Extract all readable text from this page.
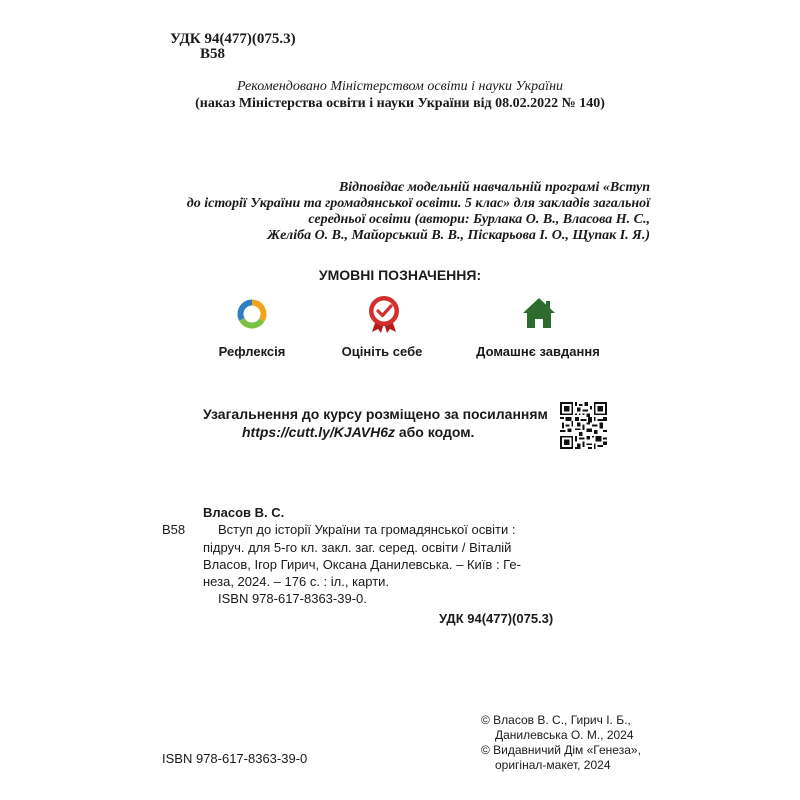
УДК 94(477)(075.3)
В58
Рекомендовано Міністерством освіти і науки України
(наказ Міністерства освіти і науки України від 08.02.2022 № 140)
Відповідає модельній навчальній програмі «Вступ
до історії України та громадянської освіти. 5 клас» для закладів загальної
середньої освіти (автори: Бурлака О. В., Власова Н. С.,
Желіба О. В., Майорський В. В., Піскарьова І. О., Щупак І. Я.)
УМОВНІ ПОЗНАЧЕННЯ:
Рефлексія	Оцініть себе	Домашнє завдання
Узагальнення до курсу розміщено за посиланням
https://cutt.ly/KJAVH6z або кодом.
Власов В. С.
В58	Вступ до історії України та громадянської освіти :
підруч. для 5-го кл. закл. заг. серед. освіти / Віталій
Власов, Ігор Гирич, Оксана Данилевська. – Київ : Ге-
неза, 2024. – 176 с. : іл., карти.
ISBN 978-617-8363-39-0.
УДК 94(477)(075.3)
ISBN 978-617-8363-39-0
© Власов В. С., Гирич І. Б.,
Данилевська О. М., 2024
© Видавничий Дім «Генеза»,
оригінал-макет, 2024
